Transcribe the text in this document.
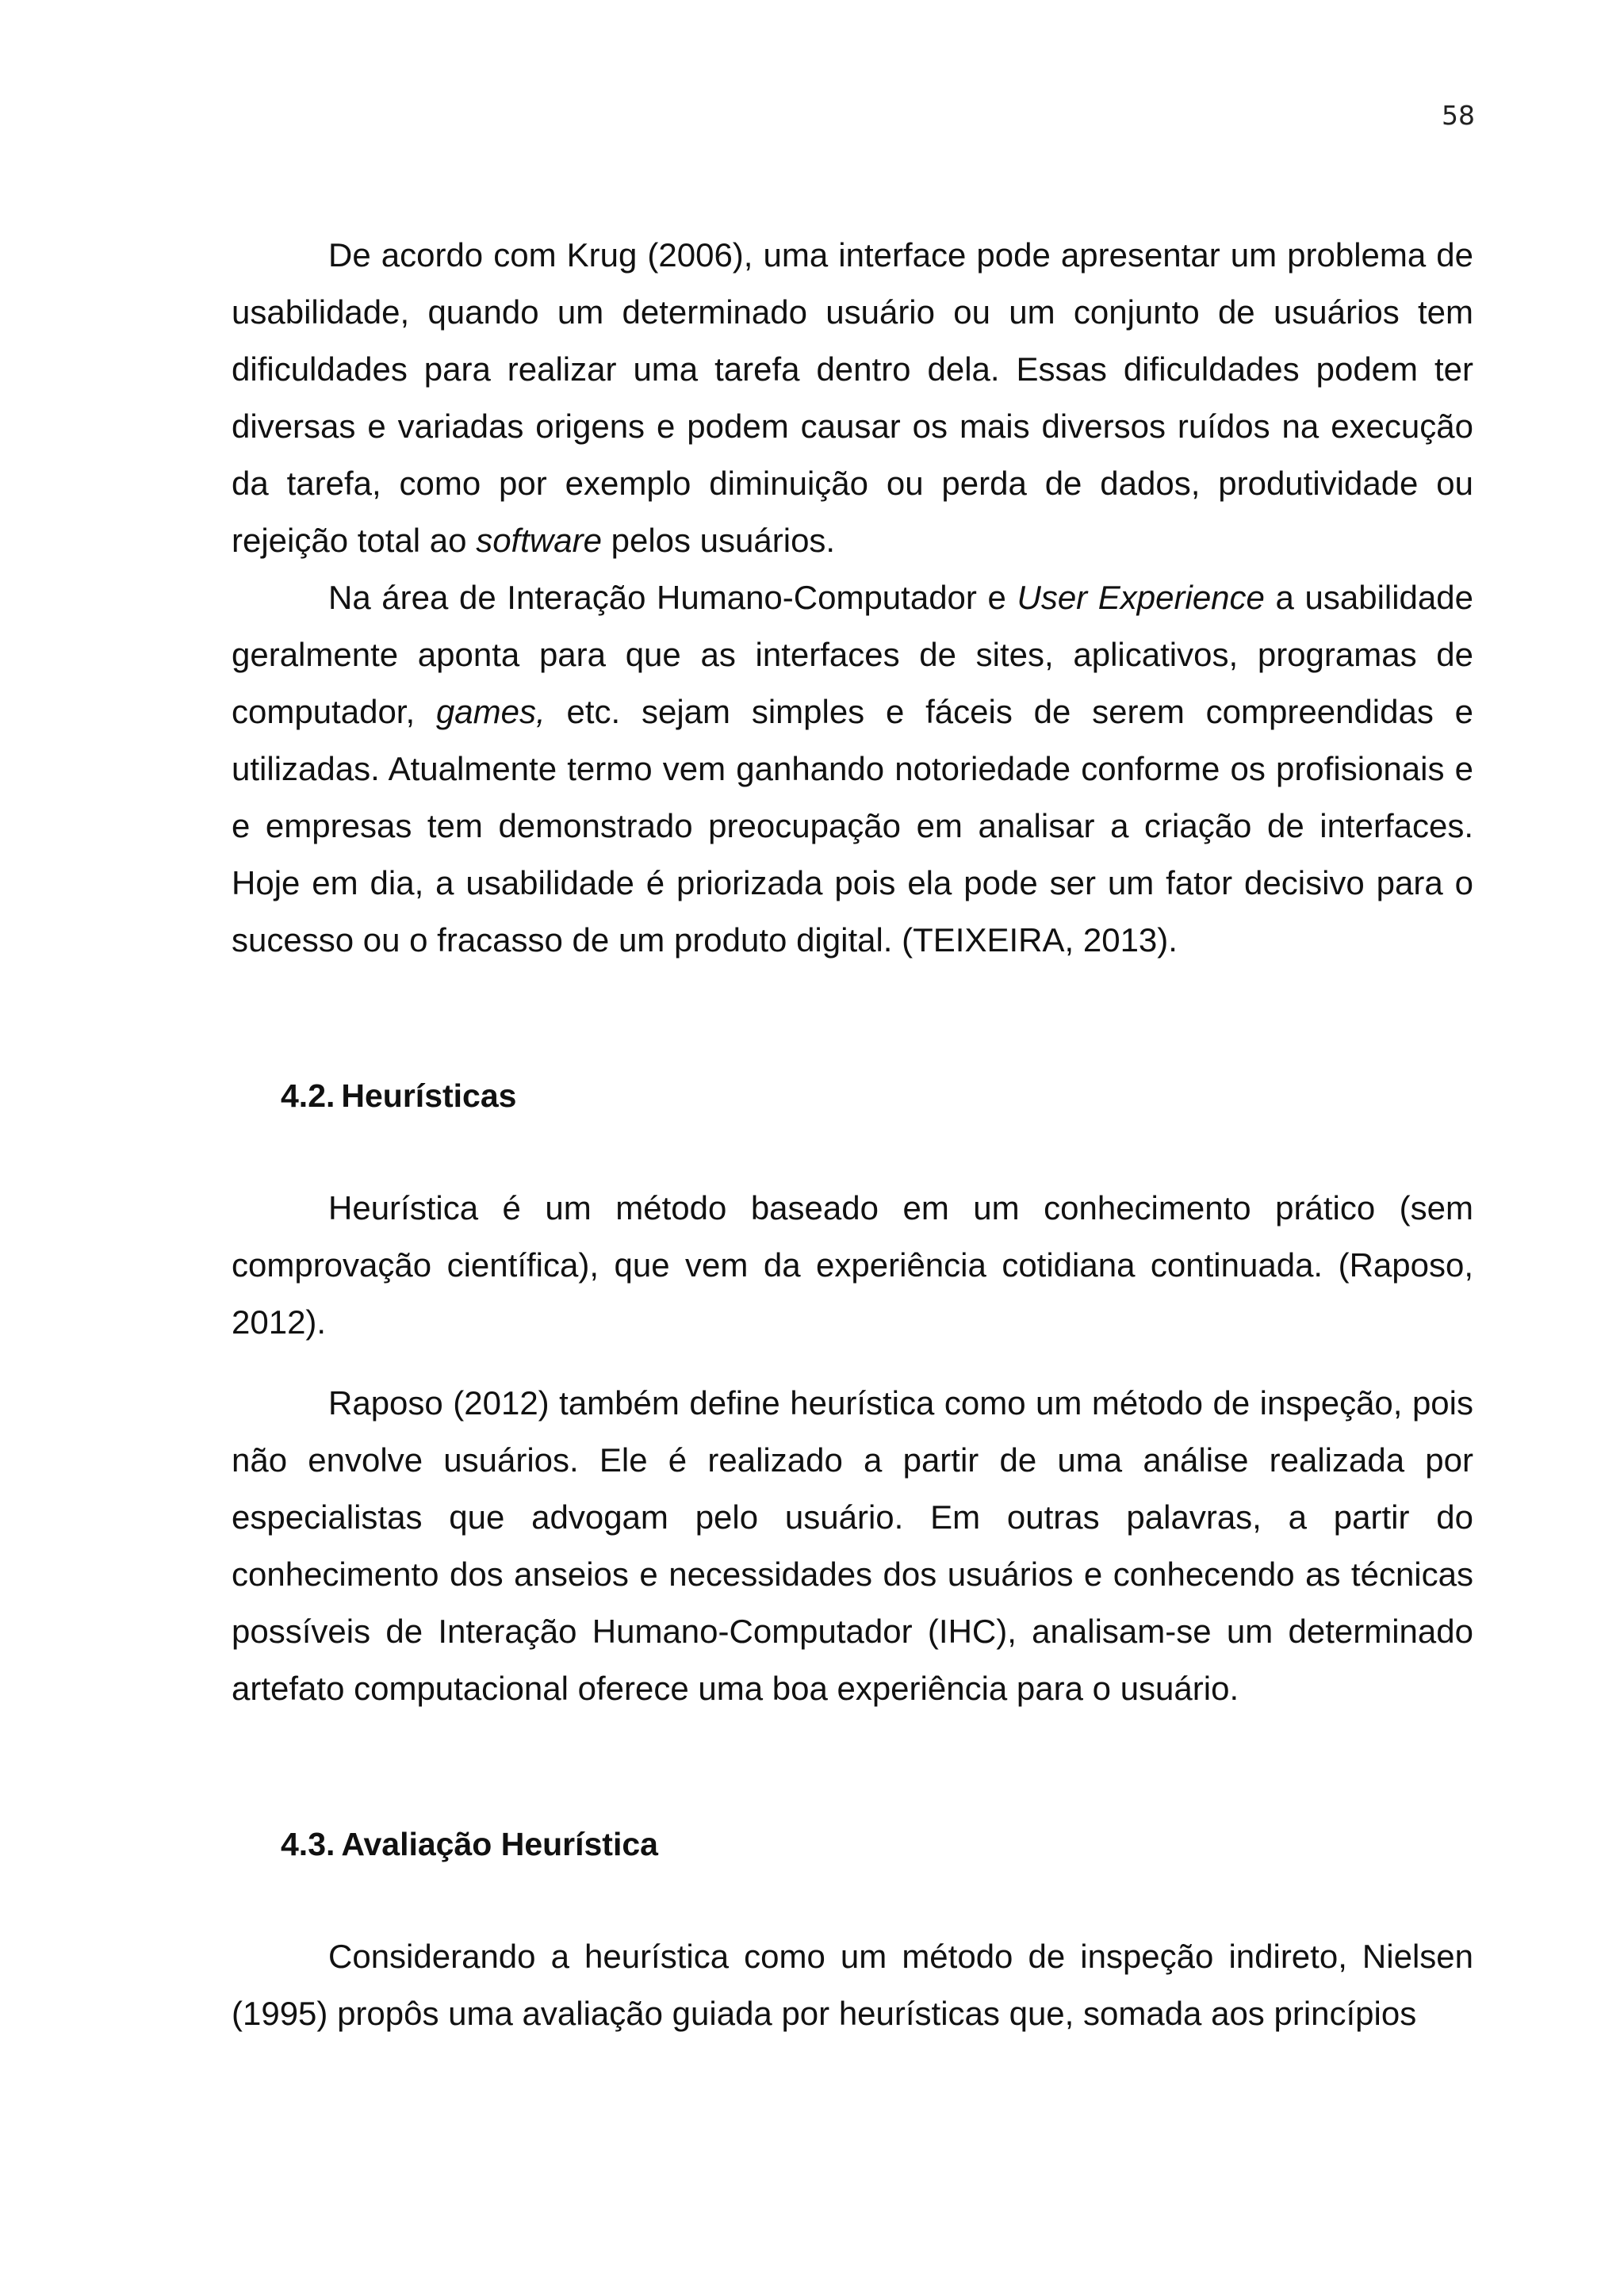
58

De acordo com Krug (2006), uma interface pode apresentar um problema de usabilidade, quando um determinado usuário ou um conjunto de usuários tem dificuldades para realizar uma tarefa dentro dela. Essas dificuldades podem ter diversas e variadas origens e podem causar os mais diversos ruídos na execução da tarefa, como por exemplo diminuição ou perda de dados, produtividade ou rejeição total ao software pelos usuários.

Na área de Interação Humano-Computador e User Experience a usabilidade geralmente aponta para que as interfaces de sites, aplicativos, programas de computador, games, etc. sejam simples e fáceis de serem compreendidas e utilizadas. Atualmente termo vem ganhando notoriedade conforme os profisionais e e empresas tem demonstrado preocupação em analisar a criação de interfaces. Hoje em dia, a usabilidade é priorizada pois ela pode ser um fator decisivo para o sucesso ou o fracasso de um produto digital. (TEIXEIRA, 2013).

4.2. Heurísticas

Heurística é um método baseado em um conhecimento prático (sem comprovação científica), que vem da experiência cotidiana continuada. (Raposo, 2012).

Raposo (2012) também define heurística como um método de inspeção, pois não envolve usuários. Ele é realizado a partir de uma análise realizada por especialistas que advogam pelo usuário. Em outras palavras, a partir do conhecimento dos anseios e necessidades dos usuários e conhecendo as técnicas possíveis de Interação Humano-Computador (IHC), analisam-se um determinado artefato computacional oferece uma boa experiência para o usuário.

4.3. Avaliação Heurística

Considerando a heurística como um método de inspeção indireto, Nielsen (1995) propôs uma avaliação guiada por heurísticas que, somada aos princípios
